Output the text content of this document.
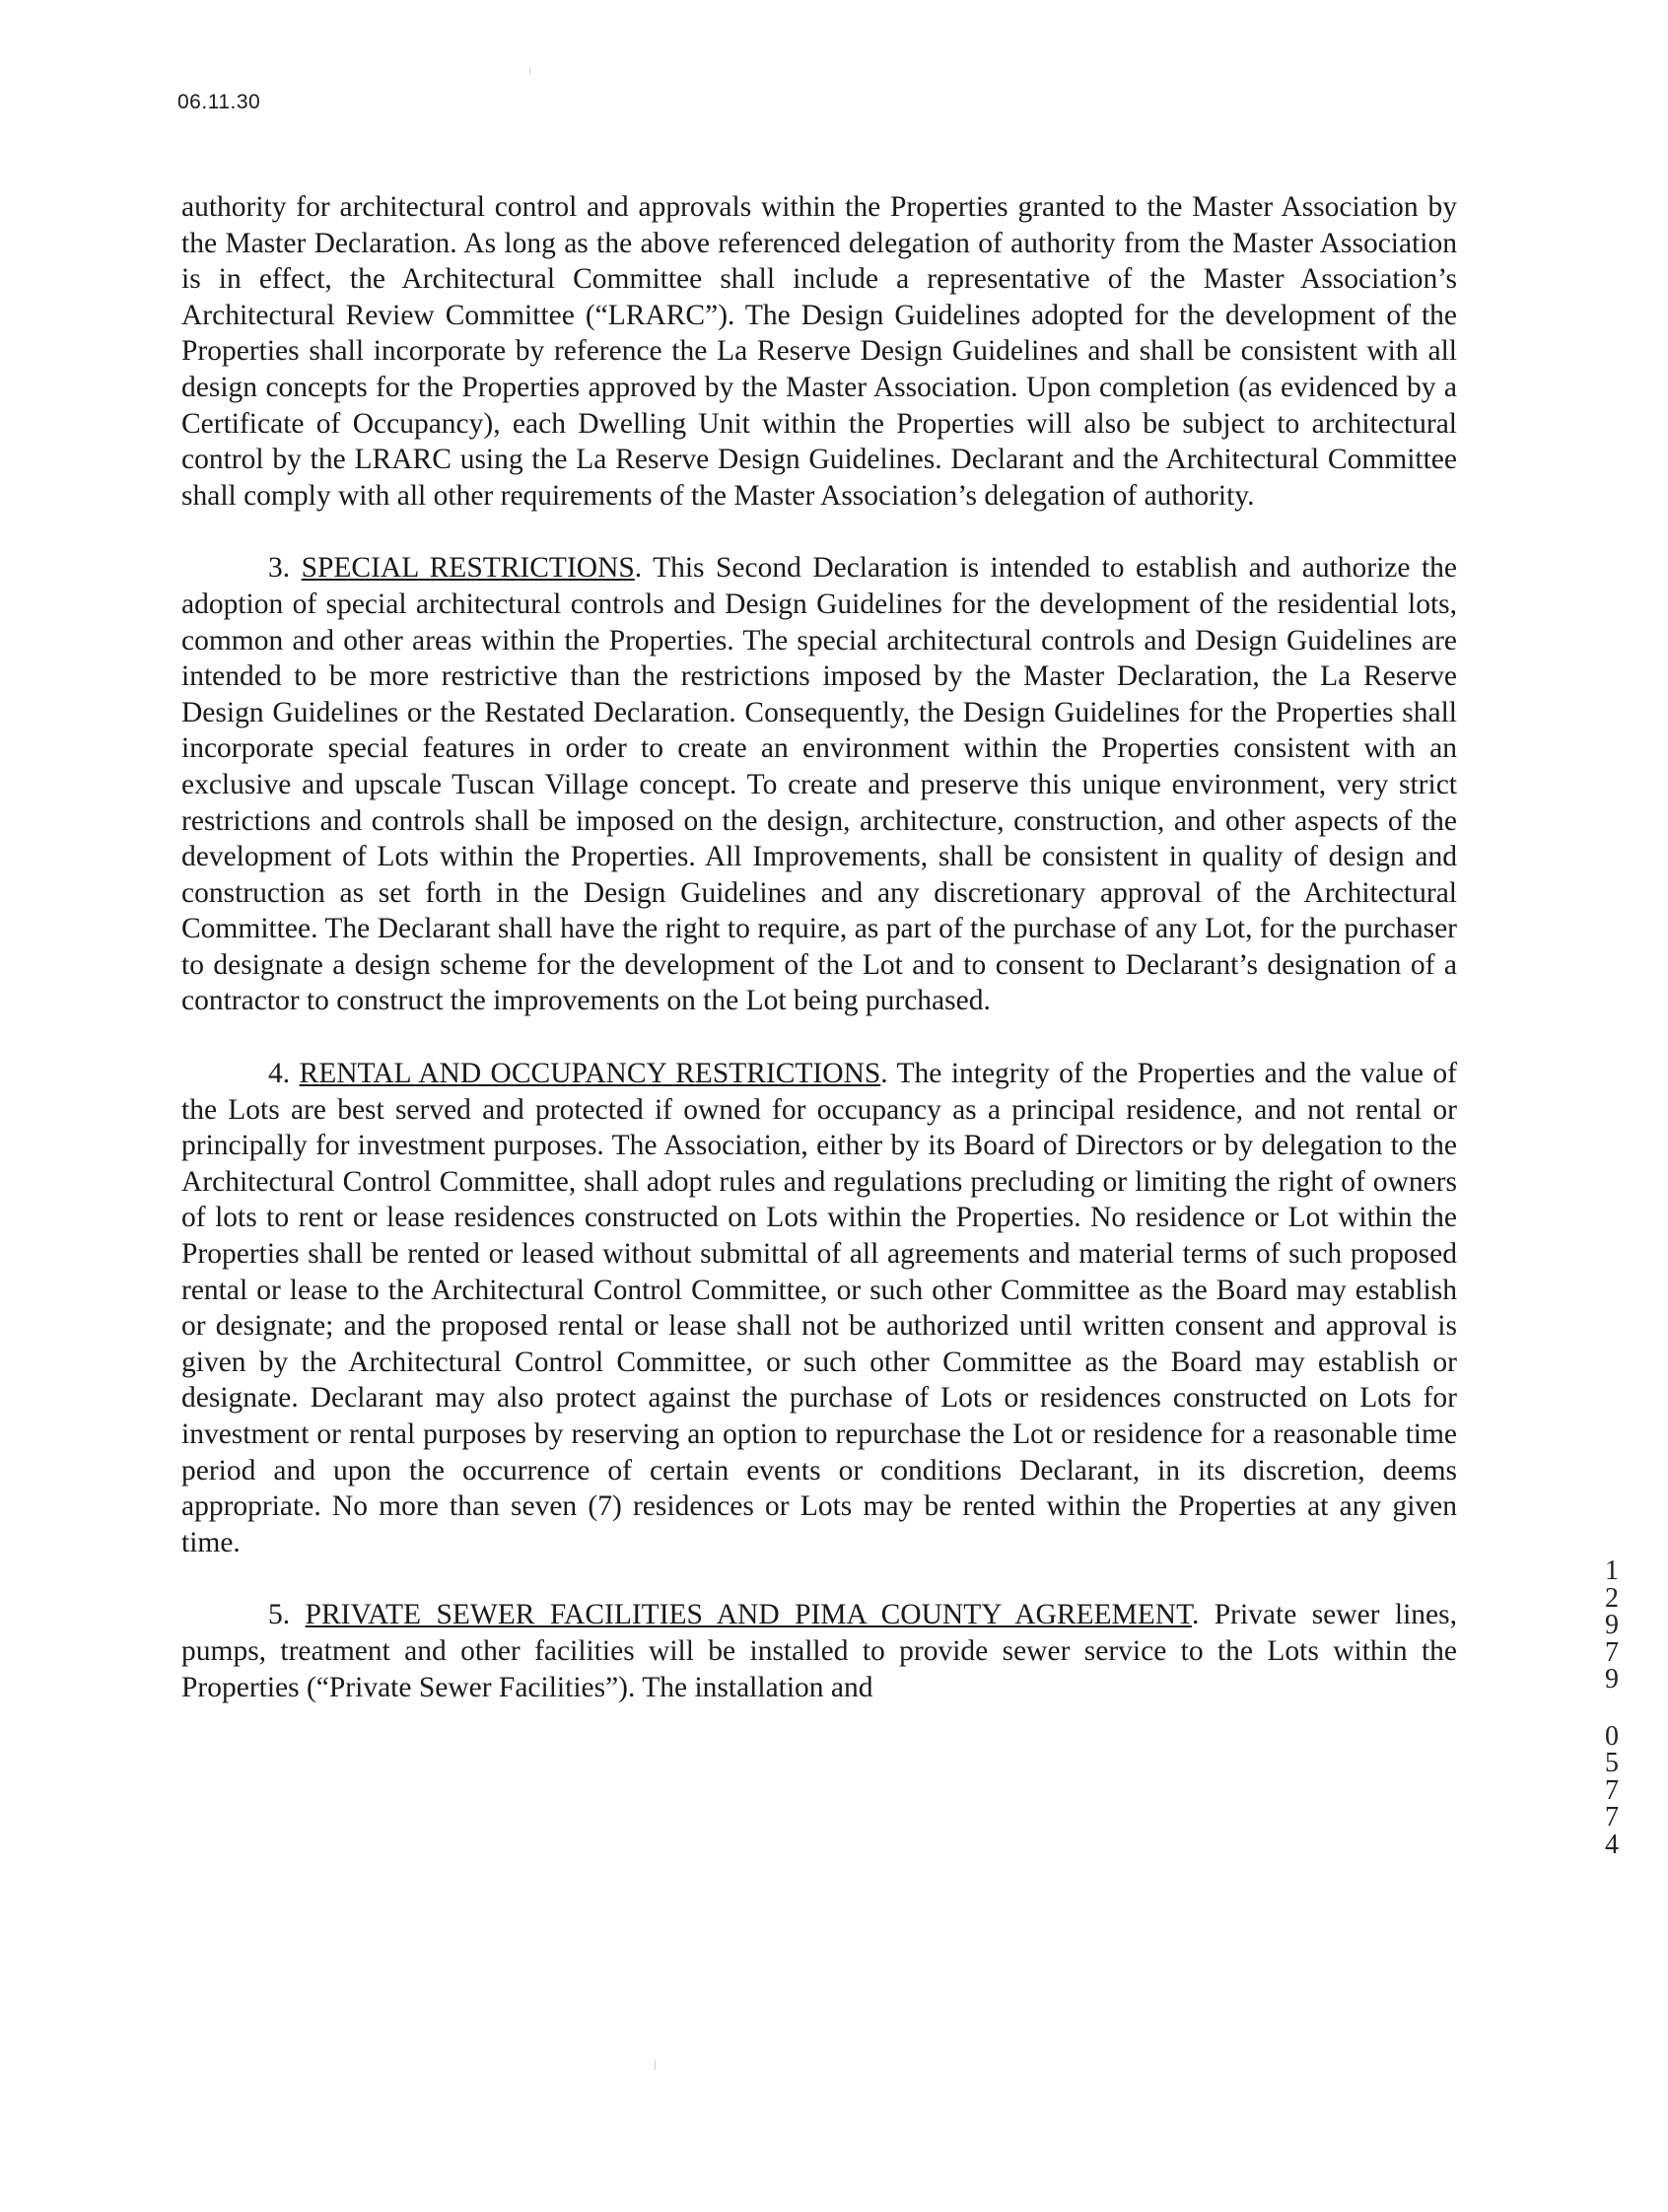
06.11.30

authority for architectural control and approvals within the Properties granted to the Master Association by the Master Declaration. As long as the above referenced delegation of authority from the Master Association is in effect, the Architectural Committee shall include a representative of the Master Association’s Architectural Review Committee (“LRARC”). The Design Guidelines adopted for the development of the Properties shall incorporate by reference the La Reserve Design Guidelines and shall be consistent with all design concepts for the Properties approved by the Master Association. Upon completion (as evidenced by a Certificate of Occupancy), each Dwelling Unit within the Properties will also be subject to architectural control by the LRARC using the La Reserve Design Guidelines. Declarant and the Architectural Committee shall comply with all other requirements of the Master Association’s delegation of authority.

3. SPECIAL RESTRICTIONS. This Second Declaration is intended to establish and authorize the adoption of special architectural controls and Design Guidelines for the development of the residential lots, common and other areas within the Properties. The special architectural controls and Design Guidelines are intended to be more restrictive than the restrictions imposed by the Master Declaration, the La Reserve Design Guidelines or the Restated Declaration. Consequently, the Design Guidelines for the Properties shall incorporate special features in order to create an environment within the Properties consistent with an exclusive and upscale Tuscan Village concept. To create and preserve this unique environment, very strict restrictions and controls shall be imposed on the design, architecture, construction, and other aspects of the development of Lots within the Properties. All Improvements, shall be consistent in quality of design and construction as set forth in the Design Guidelines and any discretionary approval of the Architectural Committee. The Declarant shall have the right to require, as part of the purchase of any Lot, for the purchaser to designate a design scheme for the development of the Lot and to consent to Declarant’s designation of a contractor to construct the improvements on the Lot being purchased.

4. RENTAL AND OCCUPANCY RESTRICTIONS. The integrity of the Properties and the value of the Lots are best served and protected if owned for occupancy as a principal residence, and not rental or principally for investment purposes. The Association, either by its Board of Directors or by delegation to the Architectural Control Committee, shall adopt rules and regulations precluding or limiting the right of owners of lots to rent or lease residences constructed on Lots within the Properties. No residence or Lot within the Properties shall be rented or leased without submittal of all agreements and material terms of such proposed rental or lease to the Architectural Control Committee, or such other Committee as the Board may establish or designate; and the proposed rental or lease shall not be authorized until written consent and approval is given by the Architectural Control Committee, or such other Committee as the Board may establish or designate. Declarant may also protect against the purchase of Lots or residences constructed on Lots for investment or rental purposes by reserving an option to repurchase the Lot or residence for a reasonable time period and upon the occurrence of certain events or conditions Declarant, in its discretion, deems appropriate. No more than seven (7) residences or Lots may be rented within the Properties at any given time.

5. PRIVATE SEWER FACILITIES AND PIMA COUNTY AGREEMENT. Private sewer lines, pumps, treatment and other facilities will be installed to provide sewer service to the Lots within the Properties (“Private Sewer Facilities”). The installation and

1
2
9
7
9
0
5
7
7
4
